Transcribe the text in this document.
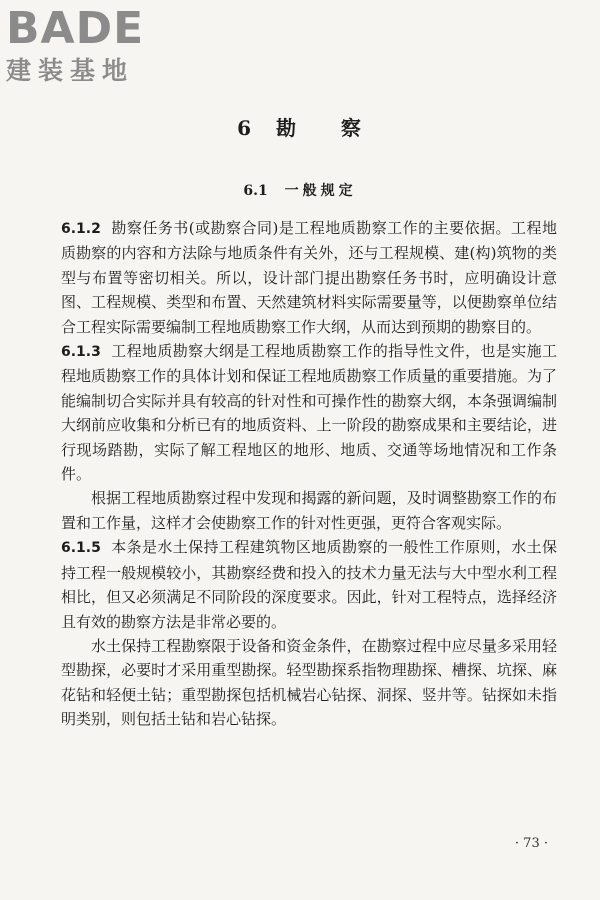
BADE
建装基地
6 勘 察
6.1 一般规定

6.1.2 勘察任务书(或勘察合同)是工程地质勘察工作的主要依据。工程地质勘察的内容和方法除与地质条件有关外，还与工程规模、建(构)筑物的类型与布置等密切相关。所以，设计部门提出勘察任务书时，应明确设计意图、工程规模、类型和布置、天然建筑材料实际需要量等，以便勘察单位结合工程实际需要编制工程地质勘察工作大纲，从而达到预期的勘察目的。

6.1.3 工程地质勘察大纲是工程地质勘察工作的指导性文件，也是实施工程地质勘察工作的具体计划和保证工程地质勘察工作质量的重要措施。为了能编制切合实际并具有较高的针对性和可操作性的勘察大纲，本条强调编制大纲前应收集和分析已有的地质资料、上一阶段的勘察成果和主要结论，进行现场踏勘，实际了解工程地区的地形、地质、交通等场地情况和工作条件。

根据工程地质勘察过程中发现和揭露的新问题，及时调整勘察工作的布置和工作量，这样才会使勘察工作的针对性更强，更符合客观实际。

6.1.5 本条是水土保持工程建筑物区地质勘察的一般性工作原则，水土保持工程一般规模较小，其勘察经费和投入的技术力量无法与大中型水利工程相比，但又必须满足不同阶段的深度要求。因此，针对工程特点，选择经济且有效的勘察方法是非常必要的。

水土保持工程勘察限于设备和资金条件，在勘察过程中应尽量多采用轻型勘探，必要时才采用重型勘探。轻型勘探系指物理勘探、槽探、坑探、麻花钻和轻便土钻；重型勘探包括机械岩心钻探、洞探、竖井等。钻探如未指明类别，则包括土钻和岩心钻探。

· 73 ·
